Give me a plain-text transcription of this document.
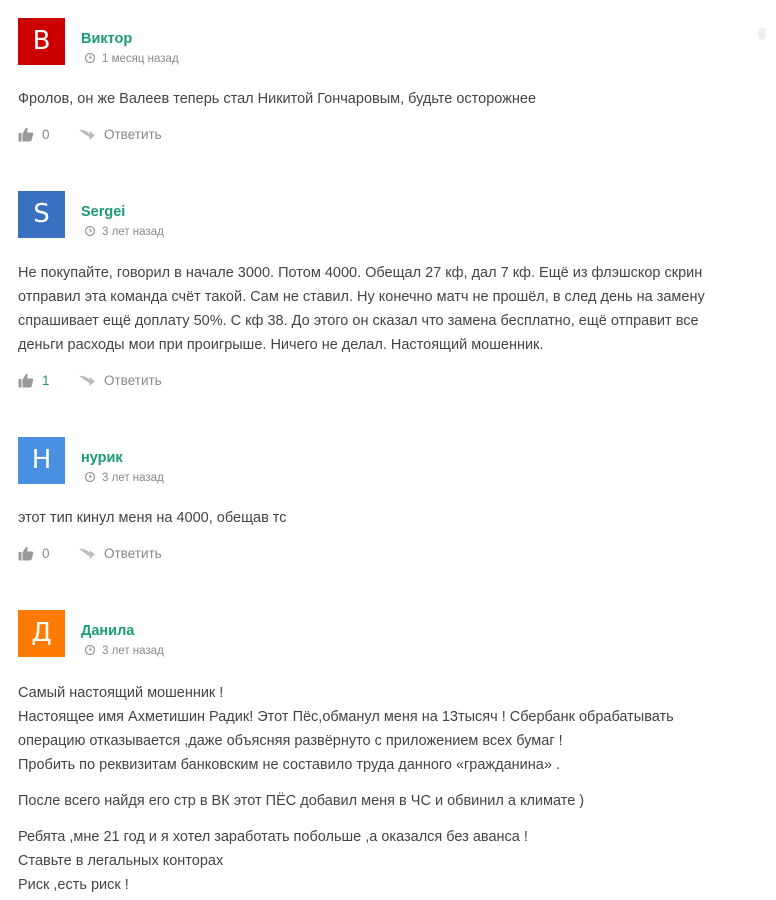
В	Виктор
1 месяц назад

Фролов, он же Валеев теперь стал Никитой Гончаровым, будьте осторожнее

0	Ответить
S	Sergei
3 лет назад

Не покупайте, говорил в начале 3000. Потом 4000. Обещал 27 кф, дал 7 кф. Ещё из флэшскор скрин
отправил эта команда счёт такой. Сам не ставил. Ну конечно матч не прошёл, в след день на замену
спрашивает ещё доплату 50%. С кф 38. До этого он сказал что замена бесплатно, ещё отправит все
деньги расходы мои при проигрыше. Ничего не делал. Настоящий мошенник.

1	Ответить
Н	нурик
3 лет назад

этот тип кинул меня на 4000, обещав тс

0	Ответить
Д	Данила
3 лет назад

Самый настоящий мошенник !
Настоящее имя Ахметишин Радик! Этот Пёс,обманул меня на 13тысяч ! Сбербанк обрабатывать
операцию отказывается ,даже объясняя развёрнуто с приложением всех бумаг !
Пробить по реквизитам банковским не составило труда данного «гражданина» .

После всего найдя его стр в ВК этот ПЁС добавил меня в ЧС и обвинил а климате )

Ребята ,мне 21 год и я хотел заработать побольше ,а оказался без аванса !
Ставьте в легальных конторах
Риск ,есть риск !
